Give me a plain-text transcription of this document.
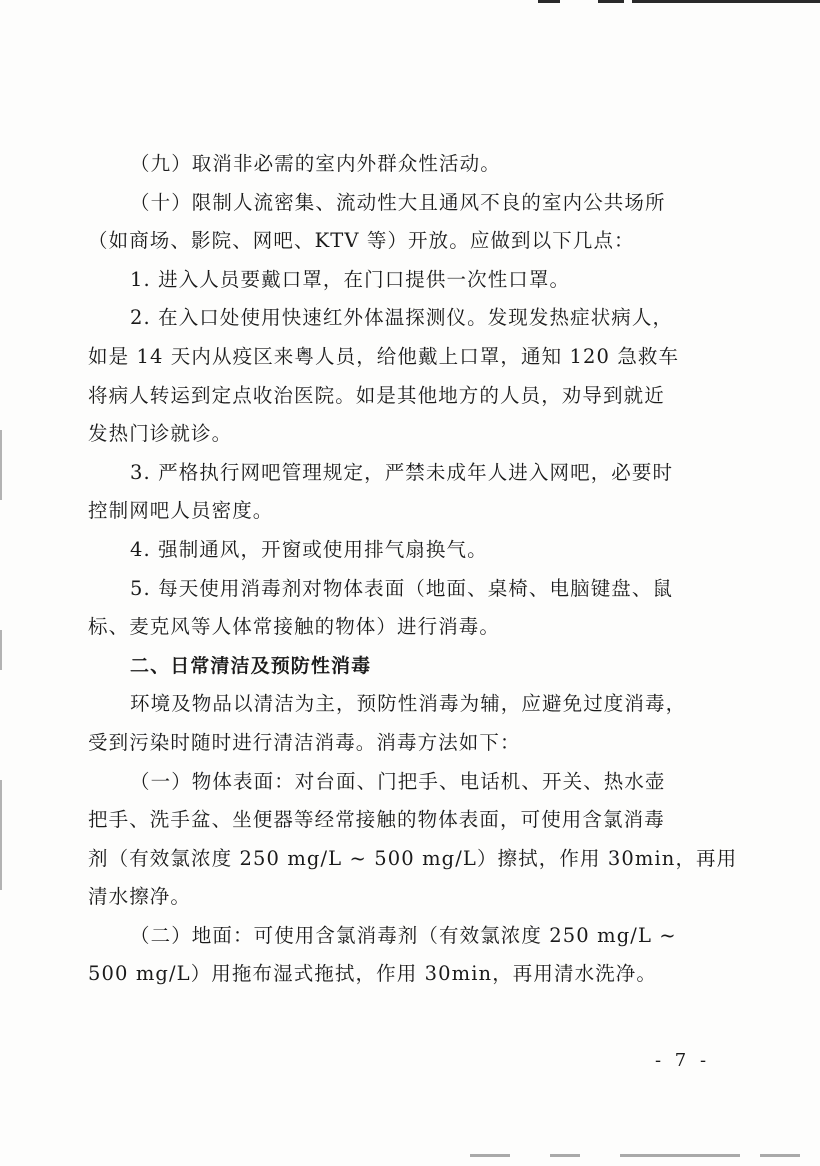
（九）取消非必需的室内外群众性活动。
（十）限制人流密集、流动性大且通风不良的室内公共场所
（如商场、影院、网吧、KTV 等）开放。应做到以下几点：
1. 进入人员要戴口罩，在门口提供一次性口罩。
2. 在入口处使用快速红外体温探测仪。发现发热症状病人，
如是 14 天内从疫区来粤人员，给他戴上口罩，通知 120 急救车
将病人转运到定点收治医院。如是其他地方的人员，劝导到就近
发热门诊就诊。
3. 严格执行网吧管理规定，严禁未成年人进入网吧，必要时
控制网吧人员密度。
4. 强制通风，开窗或使用排气扇换气。
5. 每天使用消毒剂对物体表面（地面、桌椅、电脑键盘、鼠
标、麦克风等人体常接触的物体）进行消毒。
二、日常清洁及预防性消毒
环境及物品以清洁为主，预防性消毒为辅，应避免过度消毒，
受到污染时随时进行清洁消毒。消毒方法如下：
（一）物体表面：对台面、门把手、电话机、开关、热水壶
把手、洗手盆、坐便器等经常接触的物体表面，可使用含氯消毒
剂（有效氯浓度 250 mg/L ~ 500 mg/L）擦拭，作用 30min，再用
清水擦净。
（二）地面：可使用含氯消毒剂（有效氯浓度 250 mg/L ~
500 mg/L）用拖布湿式拖拭，作用 30min，再用清水洗净。
- 7 -
